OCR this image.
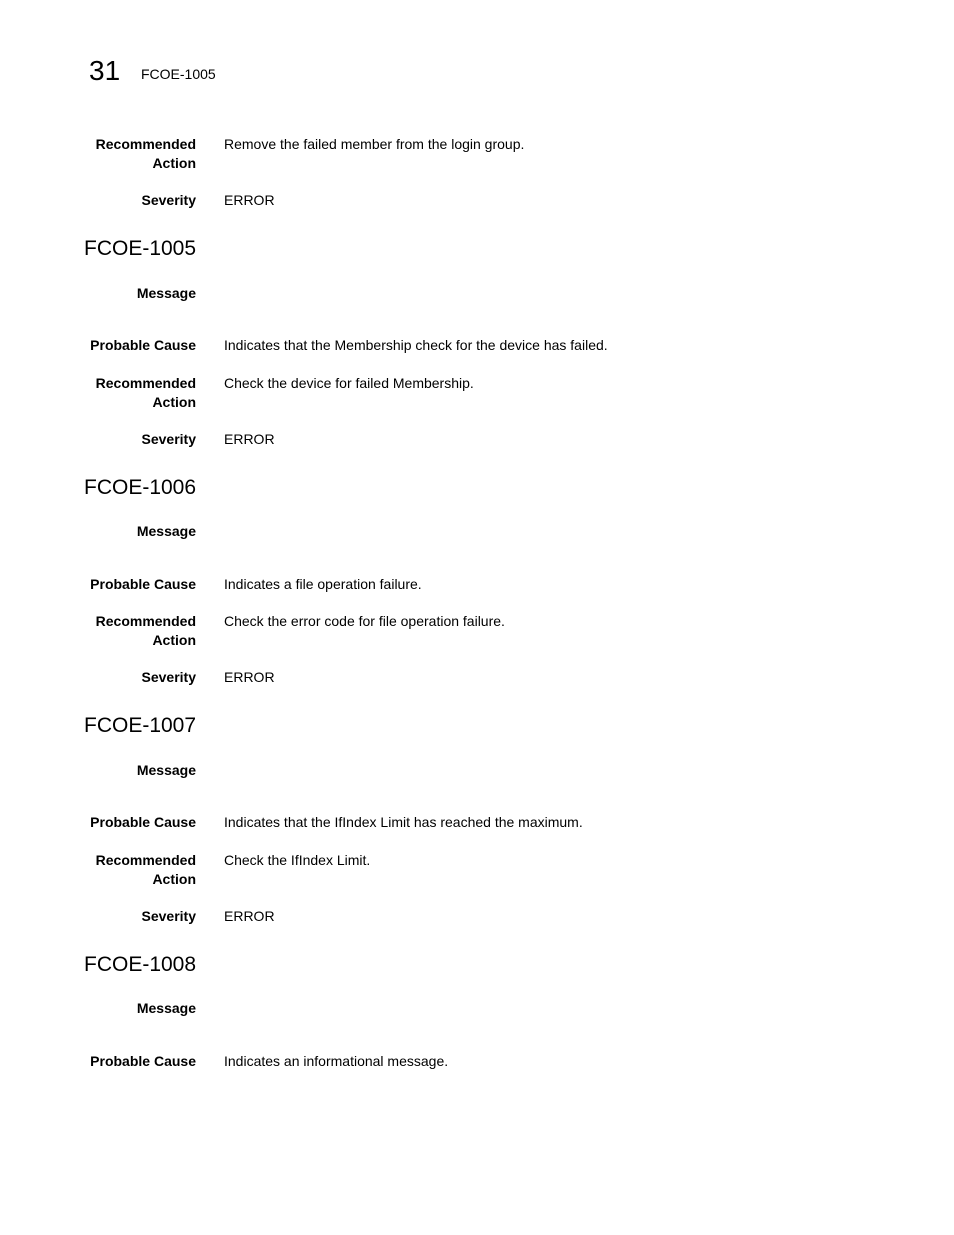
31 FCOE-1005
Recommended
Action
Remove the failed member from the login group.
Severity ERROR
FCOE-1005
Message
Probable Cause Indicates that the Membership check for the device has failed.
Recommended
Action
Check the device for failed Membership.
Severity ERROR
FCOE-1006
Message
Probable Cause Indicates a file operation failure.
Recommended
Action
Check the error code for file operation failure.
Severity ERROR
FCOE-1007
Message
Probable Cause Indicates that the IfIndex Limit has reached the maximum.
Recommended
Action
Check the IfIndex Limit.
Severity ERROR
FCOE-1008
Message
Probable Cause Indicates an informational message.
